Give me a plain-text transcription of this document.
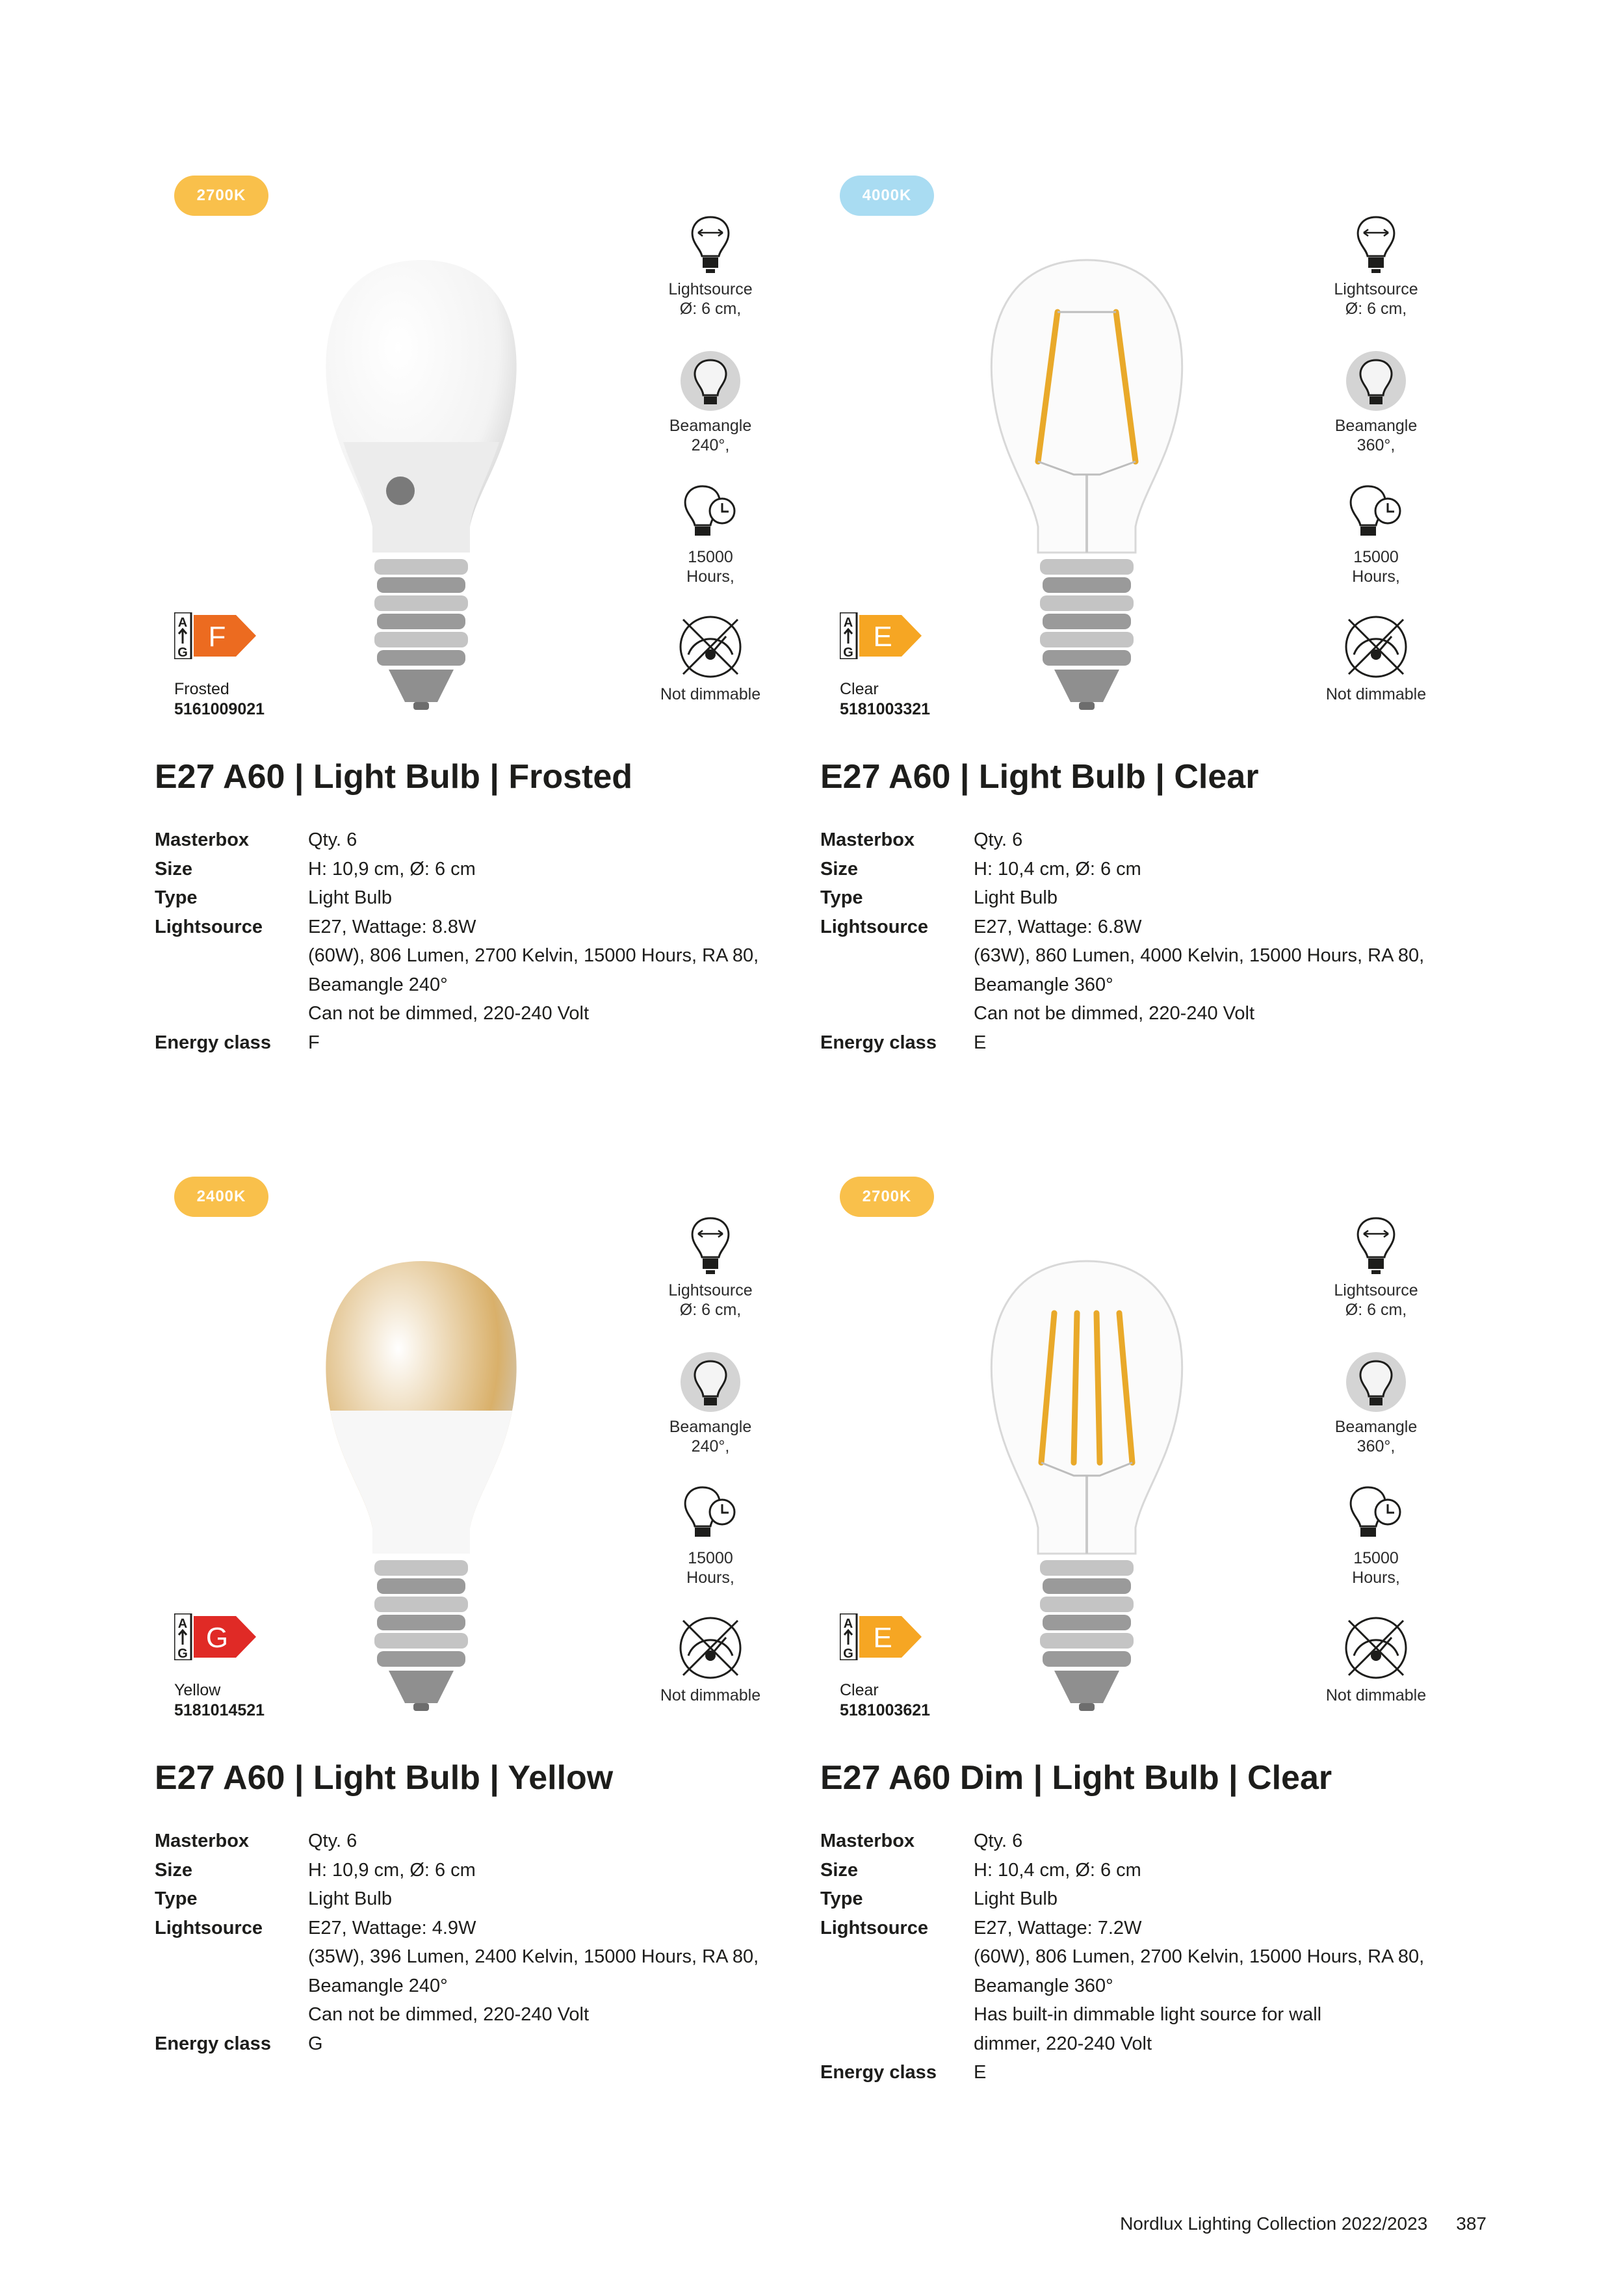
2700K
Lightsource
Ø: 6 cm,
Beamangle
240°,
15000
Hours,
Not dimmable
A
G F
Frosted
5161009021
E27 A60 | Light Bulb | Frosted
Masterbox	Qty. 6
Size	H: 10,9 cm, Ø: 6 cm
Type	Light Bulb
Lightsource	E27, Wattage: 8.8W
(60W), 806 Lumen, 2700 Kelvin, 15000 Hours, RA 80,
Beamangle 240°
Can not be dimmed, 220-240 Volt
Energy class	F
4000K
Lightsource
Ø: 6 cm,
Beamangle
360°,
15000
Hours,
Not dimmable
A
G E
Clear
5181003321
E27 A60 | Light Bulb | Clear
Masterbox	Qty. 6
Size	H: 10,4 cm, Ø: 6 cm
Type	Light Bulb
Lightsource	E27, Wattage: 6.8W
(63W), 860 Lumen, 4000 Kelvin, 15000 Hours, RA 80,
Beamangle 360°
Can not be dimmed, 220-240 Volt
Energy class	E
2400K
Lightsource
Ø: 6 cm,
Beamangle
240°,
15000
Hours,
Not dimmable
A
G G
Yellow
5181014521
E27 A60 | Light Bulb | Yellow
Masterbox	Qty. 6
Size	H: 10,9 cm, Ø: 6 cm
Type	Light Bulb
Lightsource	E27, Wattage: 4.9W
(35W), 396 Lumen, 2400 Kelvin, 15000 Hours, RA 80,
Beamangle 240°
Can not be dimmed, 220-240 Volt
Energy class	G
2700K
Lightsource
Ø: 6 cm,
Beamangle
360°,
15000
Hours,
Not dimmable
A
G E
Clear
5181003621
E27 A60 Dim | Light Bulb | Clear
Masterbox	Qty. 6
Size	H: 10,4 cm, Ø: 6 cm
Type	Light Bulb
Lightsource	E27, Wattage: 7.2W
(60W), 806 Lumen, 2700 Kelvin, 15000 Hours, RA 80,
Beamangle 360°
Has built-in dimmable light source for wall
dimmer, 220-240 Volt
Energy class	E
Nordlux Lighting Collection 2022/2023 387
